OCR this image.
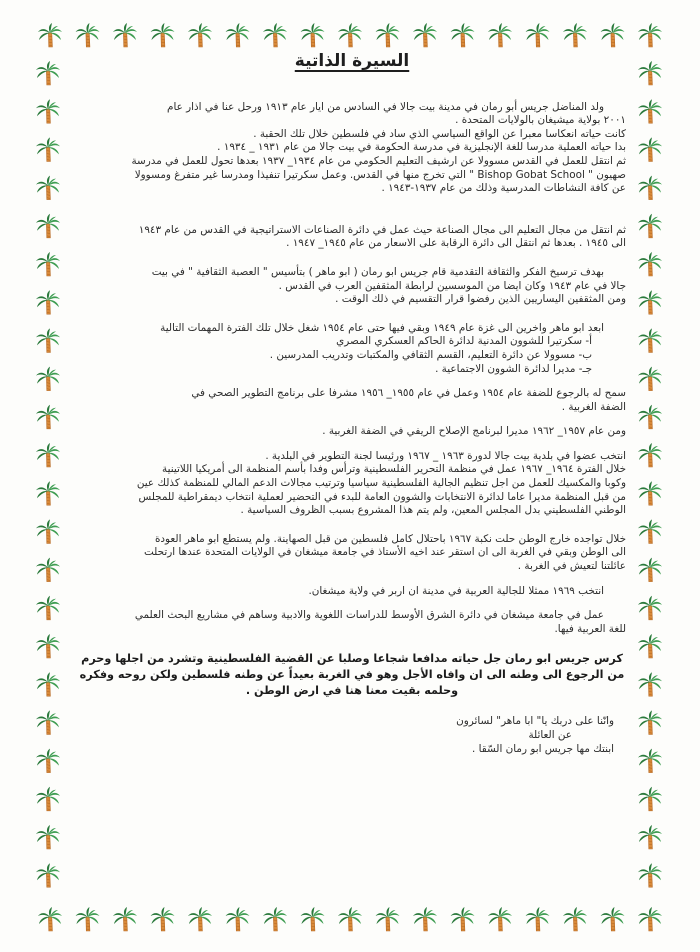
السيرة الذاتية

ولد المناضل جريس أبو رمان في مدينة بيت جالا في السادس من ايار عام ١٩١٣ ورحل عنا في اذار عام

٢٠٠١ بولاية ميشيغان بالولايات المتحدة .

كانت حياته انعكاسا معبرا عن الواقع السياسي الذي ساد في فلسطين خلال تلك الحقبة .

بدا حياته العملية مدرسا للغة الإنجليزية في مدرسة الحكومة في بيت جالا من عام ١٩٣١ _ ١٩٣٤ .

ثم انتقل للعمل في القدس مسوولا عن ارشيف التعليم الحكومي من عام ١٩٣٤_ ١٩٣٧ بعدها تحول للعمل في مدرسة

صهيون " Bishop Gobat School " التي تخرج منها في القدس. وعمل سكرتيرا تنفيذا ومدرسا غير متفرغ ومسوولا

عن كافة النشاطات المدرسية وذلك من عام ١٩٣٧-١٩٤٣ .

ثم انتقل من مجال التعليم الى مجال الصناعة حيث عمل في دائرة الصناعات الاستراتيجية في القدس من عام ١٩٤٣

الى ١٩٤٥ . بعدها ثم انتقل الى دائرة الرقابة على الاسعار من عام ١٩٤٥_ ١٩٤٧ .

بهدف ترسيخ الفكر والثقافة التقدمية قام جريس ابو رمان ( ابو ماهر ) بتأسيس " العصبة الثقافية " في بيت

جالا في عام ١٩٤٣ وكان ايضا من الموسسين لرابطة المثقفين العرب في القدس .

ومن المثقفين اليساريين الذين رفضوا قرار التقسيم في ذلك الوقت .

ابعد ابو ماهر واخرين الى غزة عام ١٩٤٩ وبقي فيها حتى عام ١٩٥٤ شغل خلال تلك الفترة المهمات التالية

أ- سكرتيرا للشوون المدنية لدائرة الحاكم العسكري المصري

ب- مسوولا عن دائرة التعليم، القسم الثقافي والمكتبات وتدريب المدرسين .

جـ- مديرا لدائرة الشوون الاجتماعية .

سمح له بالرجوع للضفة عام ١٩٥٤ وعمل في عام ١٩٥٥_ ١٩٥٦ مشرفا على برنامج التطوير الصحي في

الضفة الغربية .

ومن عام ١٩٥٧_ ١٩٦٢ مديرا لبرنامج الإصلاح الريفي في الضفة الغربية .

انتخب عضوا في بلدية بيت جالا لدورة ١٩٦٣ _ ١٩٦٧ ورئيسا لجنة التطوير في البلدية .

خلال الفترة ١٩٦٤_ ١٩٦٧ عمل في منظمة التحرير الفلسطينية وترأس وفدا بأسم المنظمة الى أمريكيا اللاتينية

وكوبا والمكسيك للعمل من اجل تنظيم الجالية الفلسطينية سياسيا وترتيب مجالات الدعم المالي للمنظمة كذلك عين

من قبل المنظمة مديرا عاما لدائرة الانتخابات والشوون العامة للبدء في التحضير لعملية انتخاب ديمقراطية للمجلس

الوطني الفلسطيني بدل المجلس المعين، ولم يتم هذا المشروع بسبب الظروف السياسية .

خلال تواجده خارج الوطن حلت نكبة ١٩٦٧ باحتلال كامل فلسطين من قبل الصهاينة. ولم يستطع ابو ماهر العودة

الى الوطن وبقي في الغربة الى ان استقر عند اخيه الأستاذ في جامعة ميشغان في الولايات المتحدة عندها ارتحلت

عائلتنا لتعيش في الغربة .

انتخب ١٩٦٩ ممثلا للجالية العربية في مدينة ان اربر في ولاية ميشغان.

عمل في جامعة ميشغان في دائرة الشرق الأوسط للدراسات اللغوية والادبية وساهم في مشاريع البحث العلمي

للغة العربية فيها.

كرس جريس ابو رمان جل حياته مدافعا شجاعا وصلبا عن القضية الفلسطينية وتشرد من اجلها وحرم

من الرجوع الى وطنه الى ان وافاه الأجل وهو في الغربة بعيداً عن وطنه فلسطين ولكن روحه وفكره

وحلمه بقيت معنا هنا في ارض الوطن .

وانّنا على دربك يا" ابا ماهر" لسائرون

عن العائلة

ابنتك مها جريس ابو رمان السّقا .
